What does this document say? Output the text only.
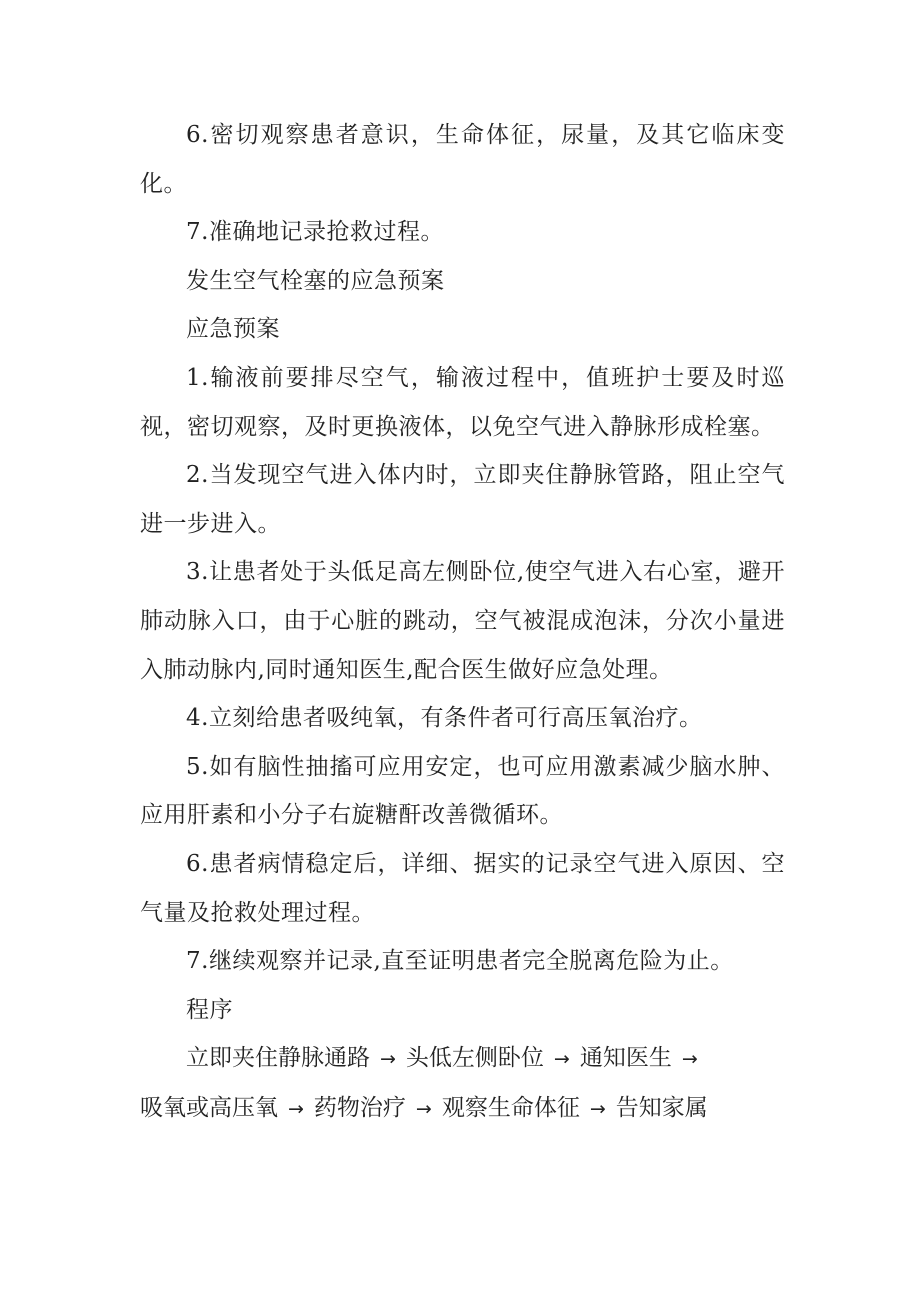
6.密切观察患者意识，生命体征，尿量，及其它临床变化。

7.准确地记录抢救过程。

发生空气栓塞的应急预案

应急预案

1.输液前要排尽空气，输液过程中，值班护士要及时巡视，密切观察，及时更换液体，以免空气进入静脉形成栓塞。

2.当发现空气进入体内时，立即夹住静脉管路，阻止空气进一步进入。

3.让患者处于头低足高左侧卧位,使空气进入右心室，避开肺动脉入口，由于心脏的跳动，空气被混成泡沫，分次小量进入肺动脉内,同时通知医生,配合医生做好应急处理。

4.立刻给患者吸纯氧，有条件者可行高压氧治疗。

5.如有脑性抽搐可应用安定，也可应用激素减少脑水肿、应用肝素和小分子右旋糖酐改善微循环。

6.患者病情稳定后，详细、据实的记录空气进入原因、空气量及抢救处理过程。

7.继续观察并记录,直至证明患者完全脱离危险为止。

程序

立即夹住静脉通路 → 头低左侧卧位 → 通知医生 →
吸氧或高压氧 → 药物治疗 → 观察生命体征 → 告知家属
